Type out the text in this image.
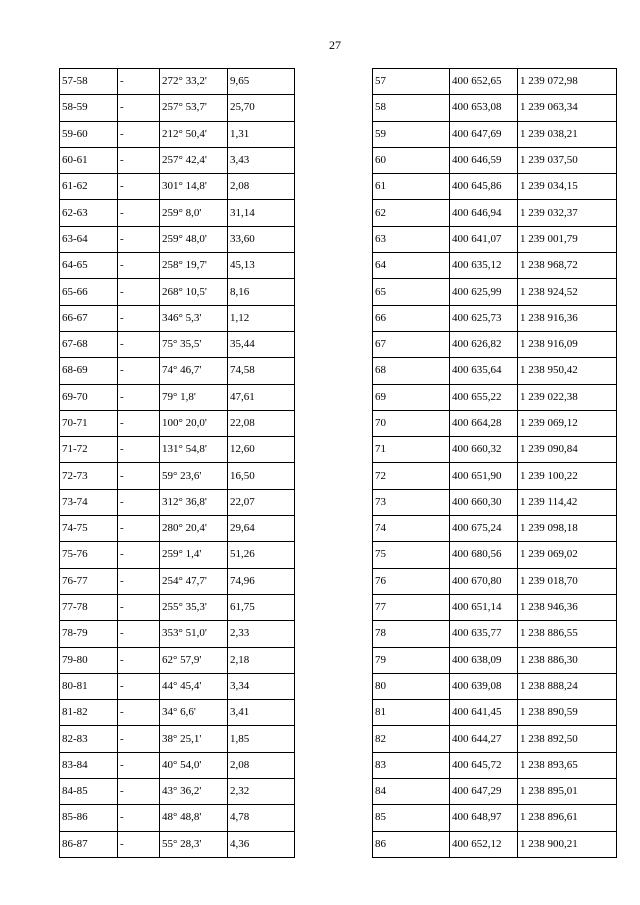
27
57-58	-	272° 33,2'	9,65
58-59	-	257° 53,7'	25,70
59-60	-	212° 50,4'	1,31
60-61	-	257° 42,4'	3,43
61-62	-	301° 14,8'	2,08
62-63	-	259° 8,0'	31,14
63-64	-	259° 48,0'	33,60
64-65	-	258° 19,7'	45,13
65-66	-	268° 10,5'	8,16
66-67	-	346° 5,3'	1,12
67-68	-	75° 35,5'	35,44
68-69	-	74° 46,7'	74,58
69-70	-	79° 1,8'	47,61
70-71	-	100° 20,0'	22,08
71-72	-	131° 54,8'	12,60
72-73	-	59° 23,6'	16,50
73-74	-	312° 36,8'	22,07
74-75	-	280° 20,4'	29,64
75-76	-	259° 1,4'	51,26
76-77	-	254° 47,7'	74,96
77-78	-	255° 35,3'	61,75
78-79	-	353° 51,0'	2,33
79-80	-	62° 57,9'	2,18
80-81	-	44° 45,4'	3,34
81-82	-	34° 6,6'	3,41
82-83	-	38° 25,1'	1,85
83-84	-	40° 54,0'	2,08
84-85	-	43° 36,2'	2,32
85-86	-	48° 48,8'	4,78
86-87	-	55° 28,3'	4,36
57	400 652,65	1 239 072,98
58	400 653,08	1 239 063,34
59	400 647,69	1 239 038,21
60	400 646,59	1 239 037,50
61	400 645,86	1 239 034,15
62	400 646,94	1 239 032,37
63	400 641,07	1 239 001,79
64	400 635,12	1 238 968,72
65	400 625,99	1 238 924,52
66	400 625,73	1 238 916,36
67	400 626,82	1 238 916,09
68	400 635,64	1 238 950,42
69	400 655,22	1 239 022,38
70	400 664,28	1 239 069,12
71	400 660,32	1 239 090,84
72	400 651,90	1 239 100,22
73	400 660,30	1 239 114,42
74	400 675,24	1 239 098,18
75	400 680,56	1 239 069,02
76	400 670,80	1 239 018,70
77	400 651,14	1 238 946,36
78	400 635,77	1 238 886,55
79	400 638,09	1 238 886,30
80	400 639,08	1 238 888,24
81	400 641,45	1 238 890,59
82	400 644,27	1 238 892,50
83	400 645,72	1 238 893,65
84	400 647,29	1 238 895,01
85	400 648,97	1 238 896,61
86	400 652,12	1 238 900,21
